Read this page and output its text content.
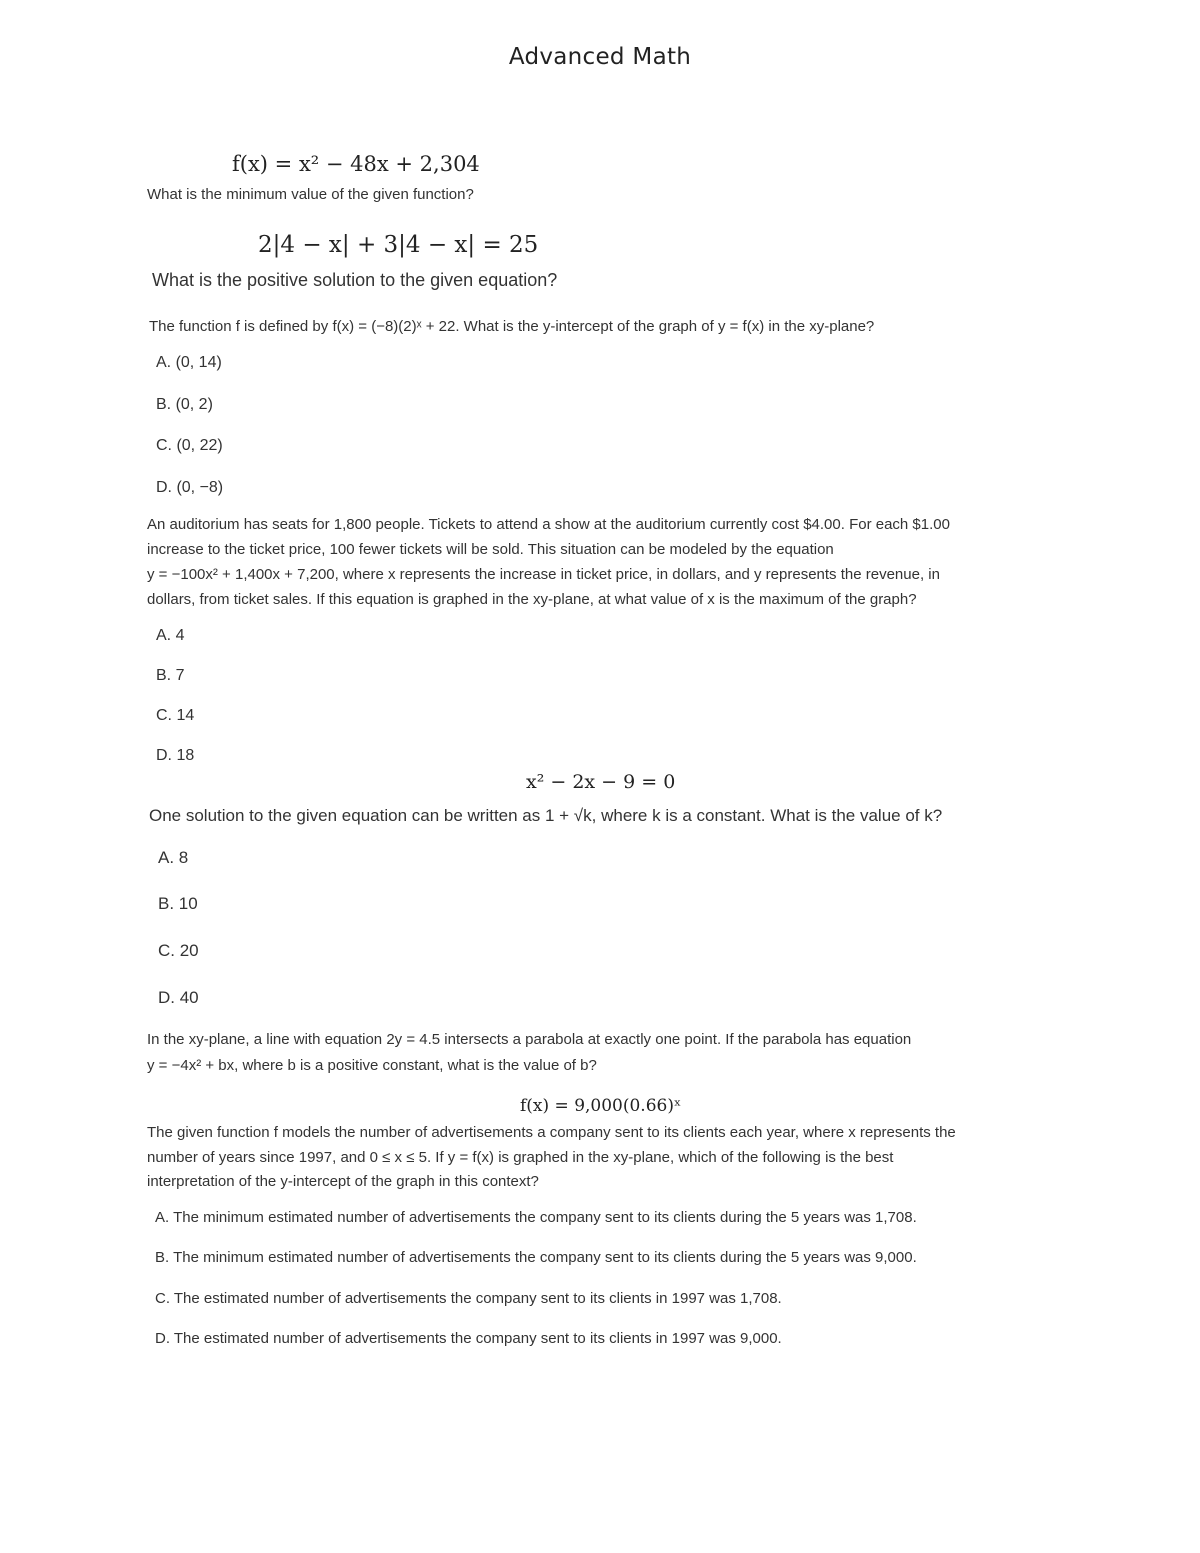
Advanced Math
f(x) = x² − 48x + 2,304
What is the minimum value of the given function?
2|4 − x| + 3|4 − x| = 25
What is the positive solution to the given equation?
The function f is defined by f(x) = (−8)(2)ˣ + 22. What is the y-intercept of the graph of y = f(x) in the xy-plane?
A. (0, 14)
B. (0, 2)
C. (0, 22)
D. (0, −8)
An auditorium has seats for 1,800 people. Tickets to attend a show at the auditorium currently cost $4.00. For each $1.00
increase to the ticket price, 100 fewer tickets will be sold. This situation can be modeled by the equation
y = −100x² + 1,400x + 7,200, where x represents the increase in ticket price, in dollars, and y represents the revenue, in
dollars, from ticket sales. If this equation is graphed in the xy-plane, at what value of x is the maximum of the graph?
A. 4
B. 7
C. 14
D. 18
x² − 2x − 9 = 0
One solution to the given equation can be written as 1 + √k, where k is a constant. What is the value of k?
A. 8
B. 10
C. 20
D. 40
In the xy-plane, a line with equation 2y = 4.5 intersects a parabola at exactly one point. If the parabola has equation
y = −4x² + bx, where b is a positive constant, what is the value of b?
f(x) = 9,000(0.66)ˣ
The given function f models the number of advertisements a company sent to its clients each year, where x represents the
number of years since 1997, and 0 ≤ x ≤ 5. If y = f(x) is graphed in the xy-plane, which of the following is the best
interpretation of the y-intercept of the graph in this context?
A. The minimum estimated number of advertisements the company sent to its clients during the 5 years was 1,708.
B. The minimum estimated number of advertisements the company sent to its clients during the 5 years was 9,000.
C. The estimated number of advertisements the company sent to its clients in 1997 was 1,708.
D. The estimated number of advertisements the company sent to its clients in 1997 was 9,000.
